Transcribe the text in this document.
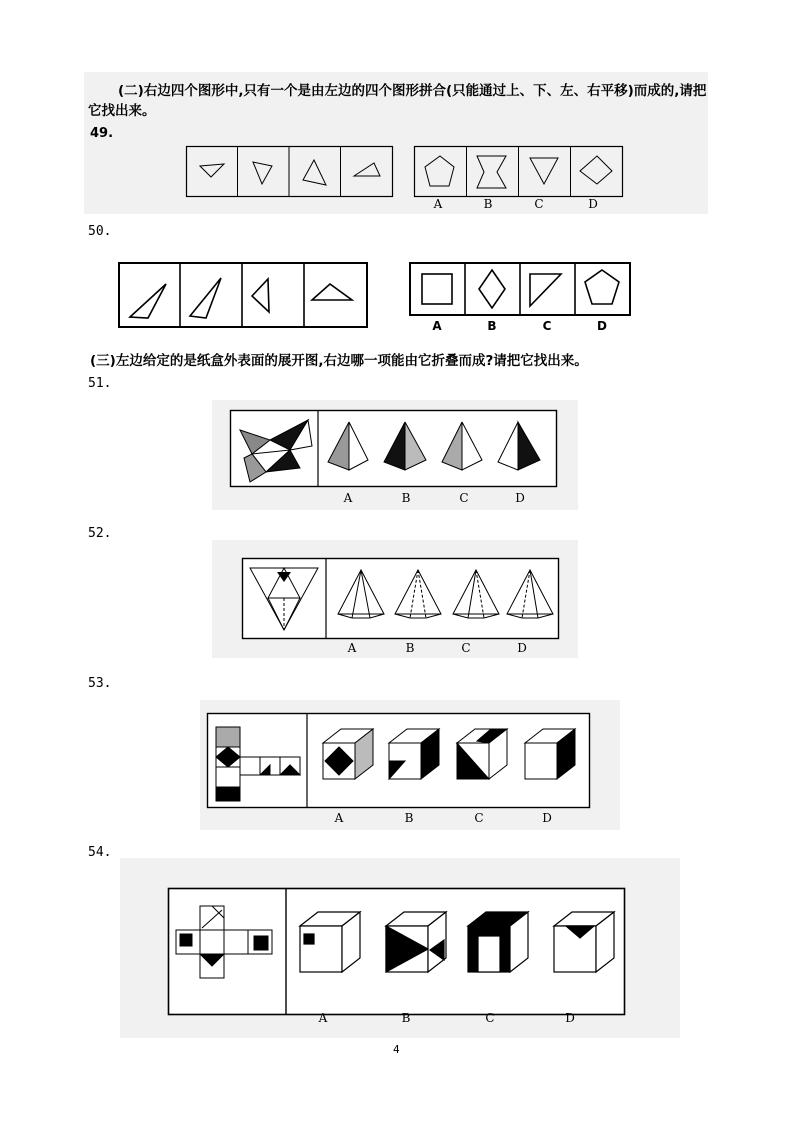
(二)右边四个图形中,只有一个是由左边的四个图形拼合(只能通过上、下、左、右平移)而成的,请把
它找出来。
49.
A	B	C	D
50.
A	B	C	D
(三)左边给定的是纸盒外表面的展开图,右边哪一项能由它折叠而成?请把它找出来。
51.
A	B	C	D
52.
A	B	C	D
53.
A	B	C	D
54.
A	B	C	D
4
